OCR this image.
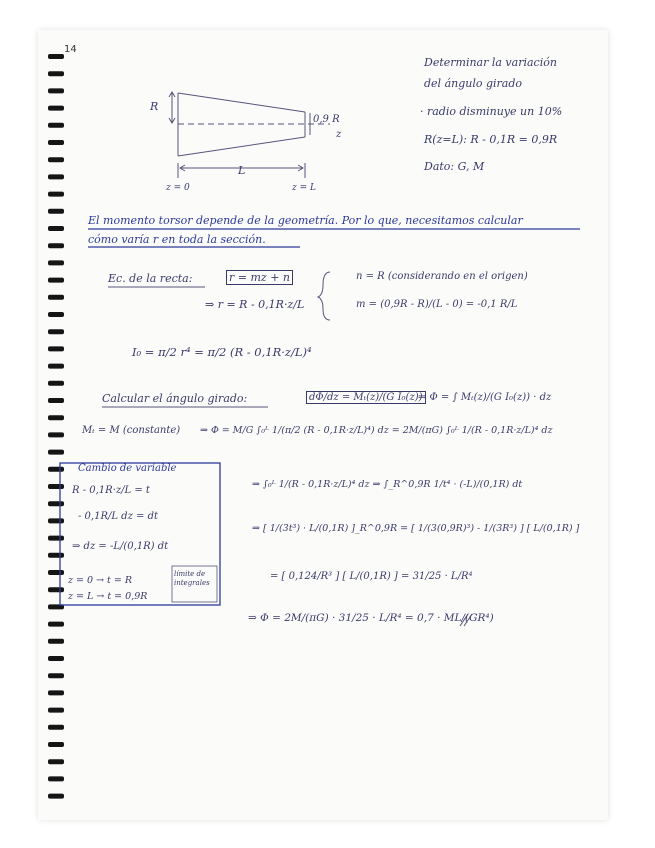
14
Determinar la variación
del ángulo girado
· radio disminuye un 10%
R(z=L): R - 0,1R = 0,9R
Dato: G, M
R
0,9 R
z
L
z = 0	z = L
El momento torsor depende de la geometría. Por lo que, necesitamos calcular
cómo varía r en toda la sección.
Ec. de la recta:	r = mz + n
⇒ r = R - 0,1R·z/L
n = R (considerando en el origen)
m = (0,9R - R)/(L - 0) = -0,1 R/L
I₀ = π/2 r⁴ = π/2 (R - 0,1R·z/L)⁴
Calcular el ángulo girado:	dΦ/dz = Mₜ(z)/(G I₀(z))
⇒ Φ = ∫ Mₜ(z)/(G I₀(z)) · dz
Mₜ = M (constante) ⇒ Φ = M/G ∫₀ᴸ 1/(π/2 (R - 0,1R·z/L)⁴) dz = 2M/(πG) ∫₀ᴸ 1/(R - 0,1R·z/L)⁴ dz
Cambio de variable
R - 0,1R·z/L = t
- 0,1R/L dz = dt
⇒ dz = -L/(0,1R) dt
z = 0 → t = R
z = L → t = 0,9R
límite de integrales
⇒ ∫₀ᴸ 1/(R - 0,1R·z/L)⁴ dz ⇒ ∫_R^0,9R 1/t⁴ · (-L)/(0,1R) dt
⇒ [ 1/(3t³) · L/(0,1R) ]_R^0,9R = [ 1/(3(0,9R)³) - 1/(3R³) ] [ L/(0,1R) ]
= [ 0,124/R³ ] [ L/(0,1R) ] = 31/25 · L/R⁴
⇒ Φ = 2M/(πG) · 31/25 · L/R⁴ = 0,7 · ML/(GR⁴)
